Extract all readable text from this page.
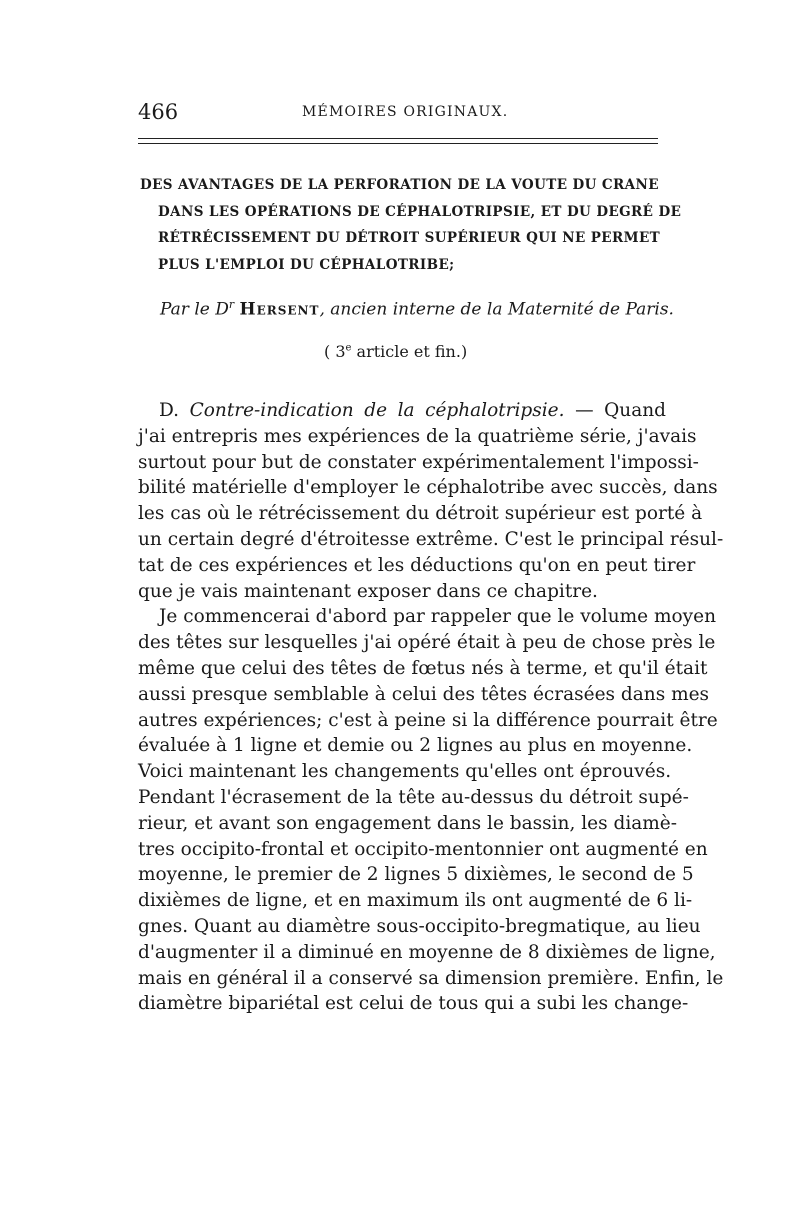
466	MÉMOIRES ORIGINAUX.
DES AVANTAGES DE LA PERFORATION DE LA VOUTE DU CRANE
DANS LES OPÉRATIONS DE CÉPHALOTRIPSIE, ET DU DEGRÉ DE
RÉTRÉCISSEMENT DU DÉTROIT SUPÉRIEUR QUI NE PERMET
PLUS L'EMPLOI DU CÉPHALOTRIBE;
Par le $D^r$ Hersent, ancien interne de la Maternité de Paris.
( 3e article et fin.)
D. Contre-indication de la céphalotripsie. — Quand
j'ai entrepris mes expériences de la quatrième série, j'avais
surtout pour but de constater expérimentalement l'impossi-
bilité matérielle d'employer le céphalotribe avec succès, dans
les cas où le rétrécissement du détroit supérieur est porté à
un certain degré d'étroitesse extrême. C'est le principal résul-
tat de ces expériences et les déductions qu'on en peut tirer
que je vais maintenant exposer dans ce chapitre.
Je commencerai d'abord par rappeler que le volume moyen
des têtes sur lesquelles j'ai opéré était à peu de chose près le
même que celui des têtes de fœtus nés à terme, et qu'il était
aussi presque semblable à celui des têtes écrasées dans mes
autres expériences; c'est à peine si la différence pourrait être
évaluée à 1 ligne et demie ou 2 lignes au plus en moyenne.
Voici maintenant les changements qu'elles ont éprouvés.
Pendant l'écrasement de la tête au-dessus du détroit supé-
rieur, et avant son engagement dans le bassin, les diamè-
tres occipito-frontal et occipito-mentonnier ont augmenté en
moyenne, le premier de 2 lignes 5 dixièmes, le second de 5
dixièmes de ligne, et en maximum ils ont augmenté de 6 li-
gnes. Quant au diamètre sous-occipito-bregmatique, au lieu
d'augmenter il a diminué en moyenne de 8 dixièmes de ligne,
mais en général il a conservé sa dimension première. Enfin, le
diamètre bipariétal est celui de tous qui a subi les change-
